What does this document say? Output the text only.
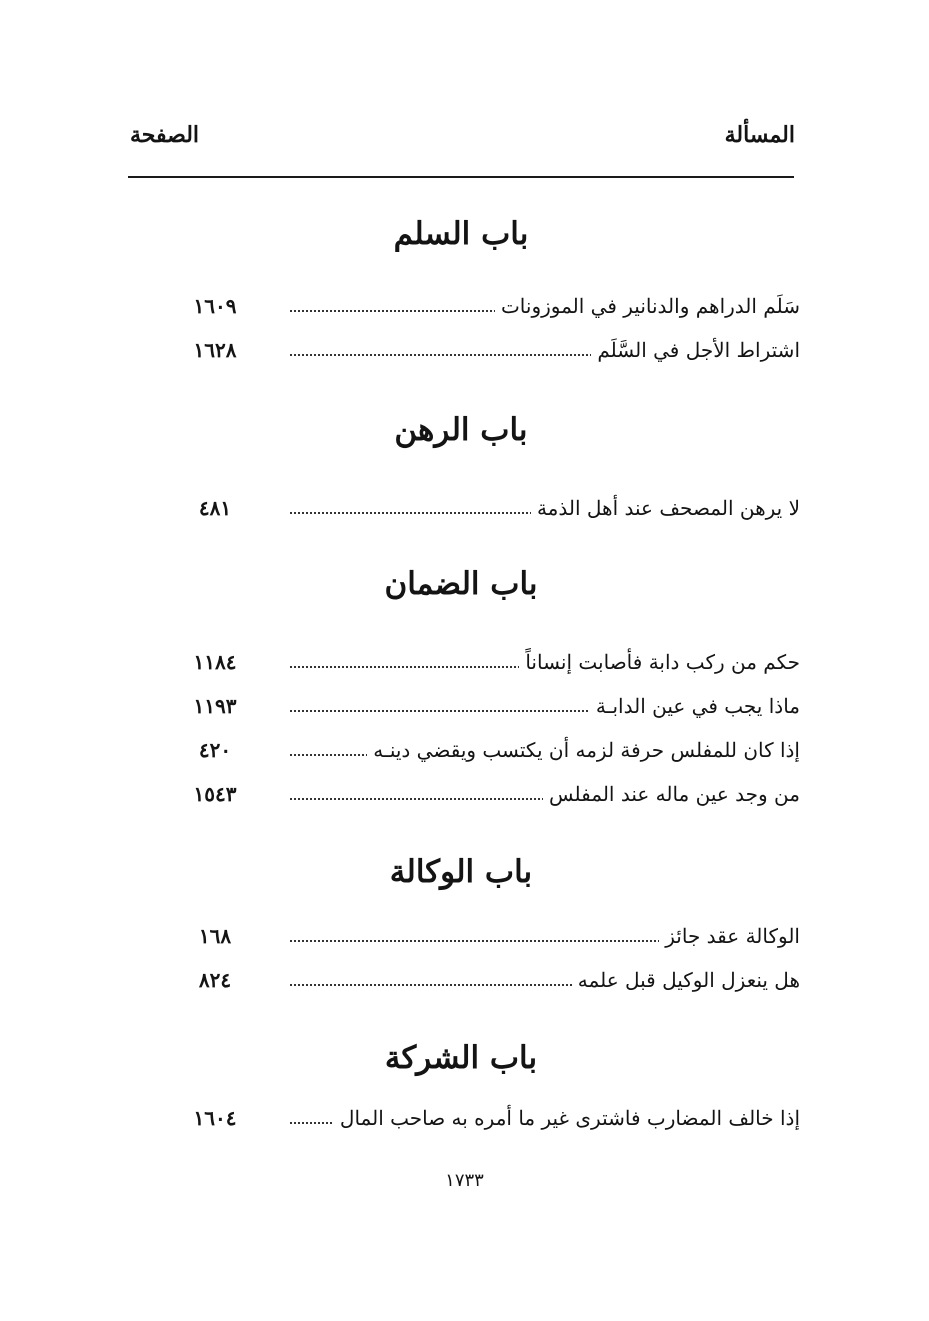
المسألة
الصفحة
باب السلم
سَلَم الدراهم والدنانير في الموزونات
١٦٠٩
اشتراط الأجل في السَّلَم
١٦٢٨
باب الرهن
لا يرهن المصحف عند أهل الذمة
٤٨١
باب الضمان
حكم من ركب دابة فأصابت إنساناً
١١٨٤
ماذا يجب في عين الدابـة
١١٩٣
إذا كان للمفلس حرفة لزمه أن يكتسب ويقضي دينـه
٤٢٠
من وجد عين ماله عند المفلس
١٥٤٣
باب الوكالة
الوكالة عقد جائز
١٦٨
هل ينعزل الوكيل قبل علمه
٨٢٤
باب الشركة
إذا خالف المضارب فاشترى غير ما أمره به صاحب المال
١٦٠٤
١٧٣٣
